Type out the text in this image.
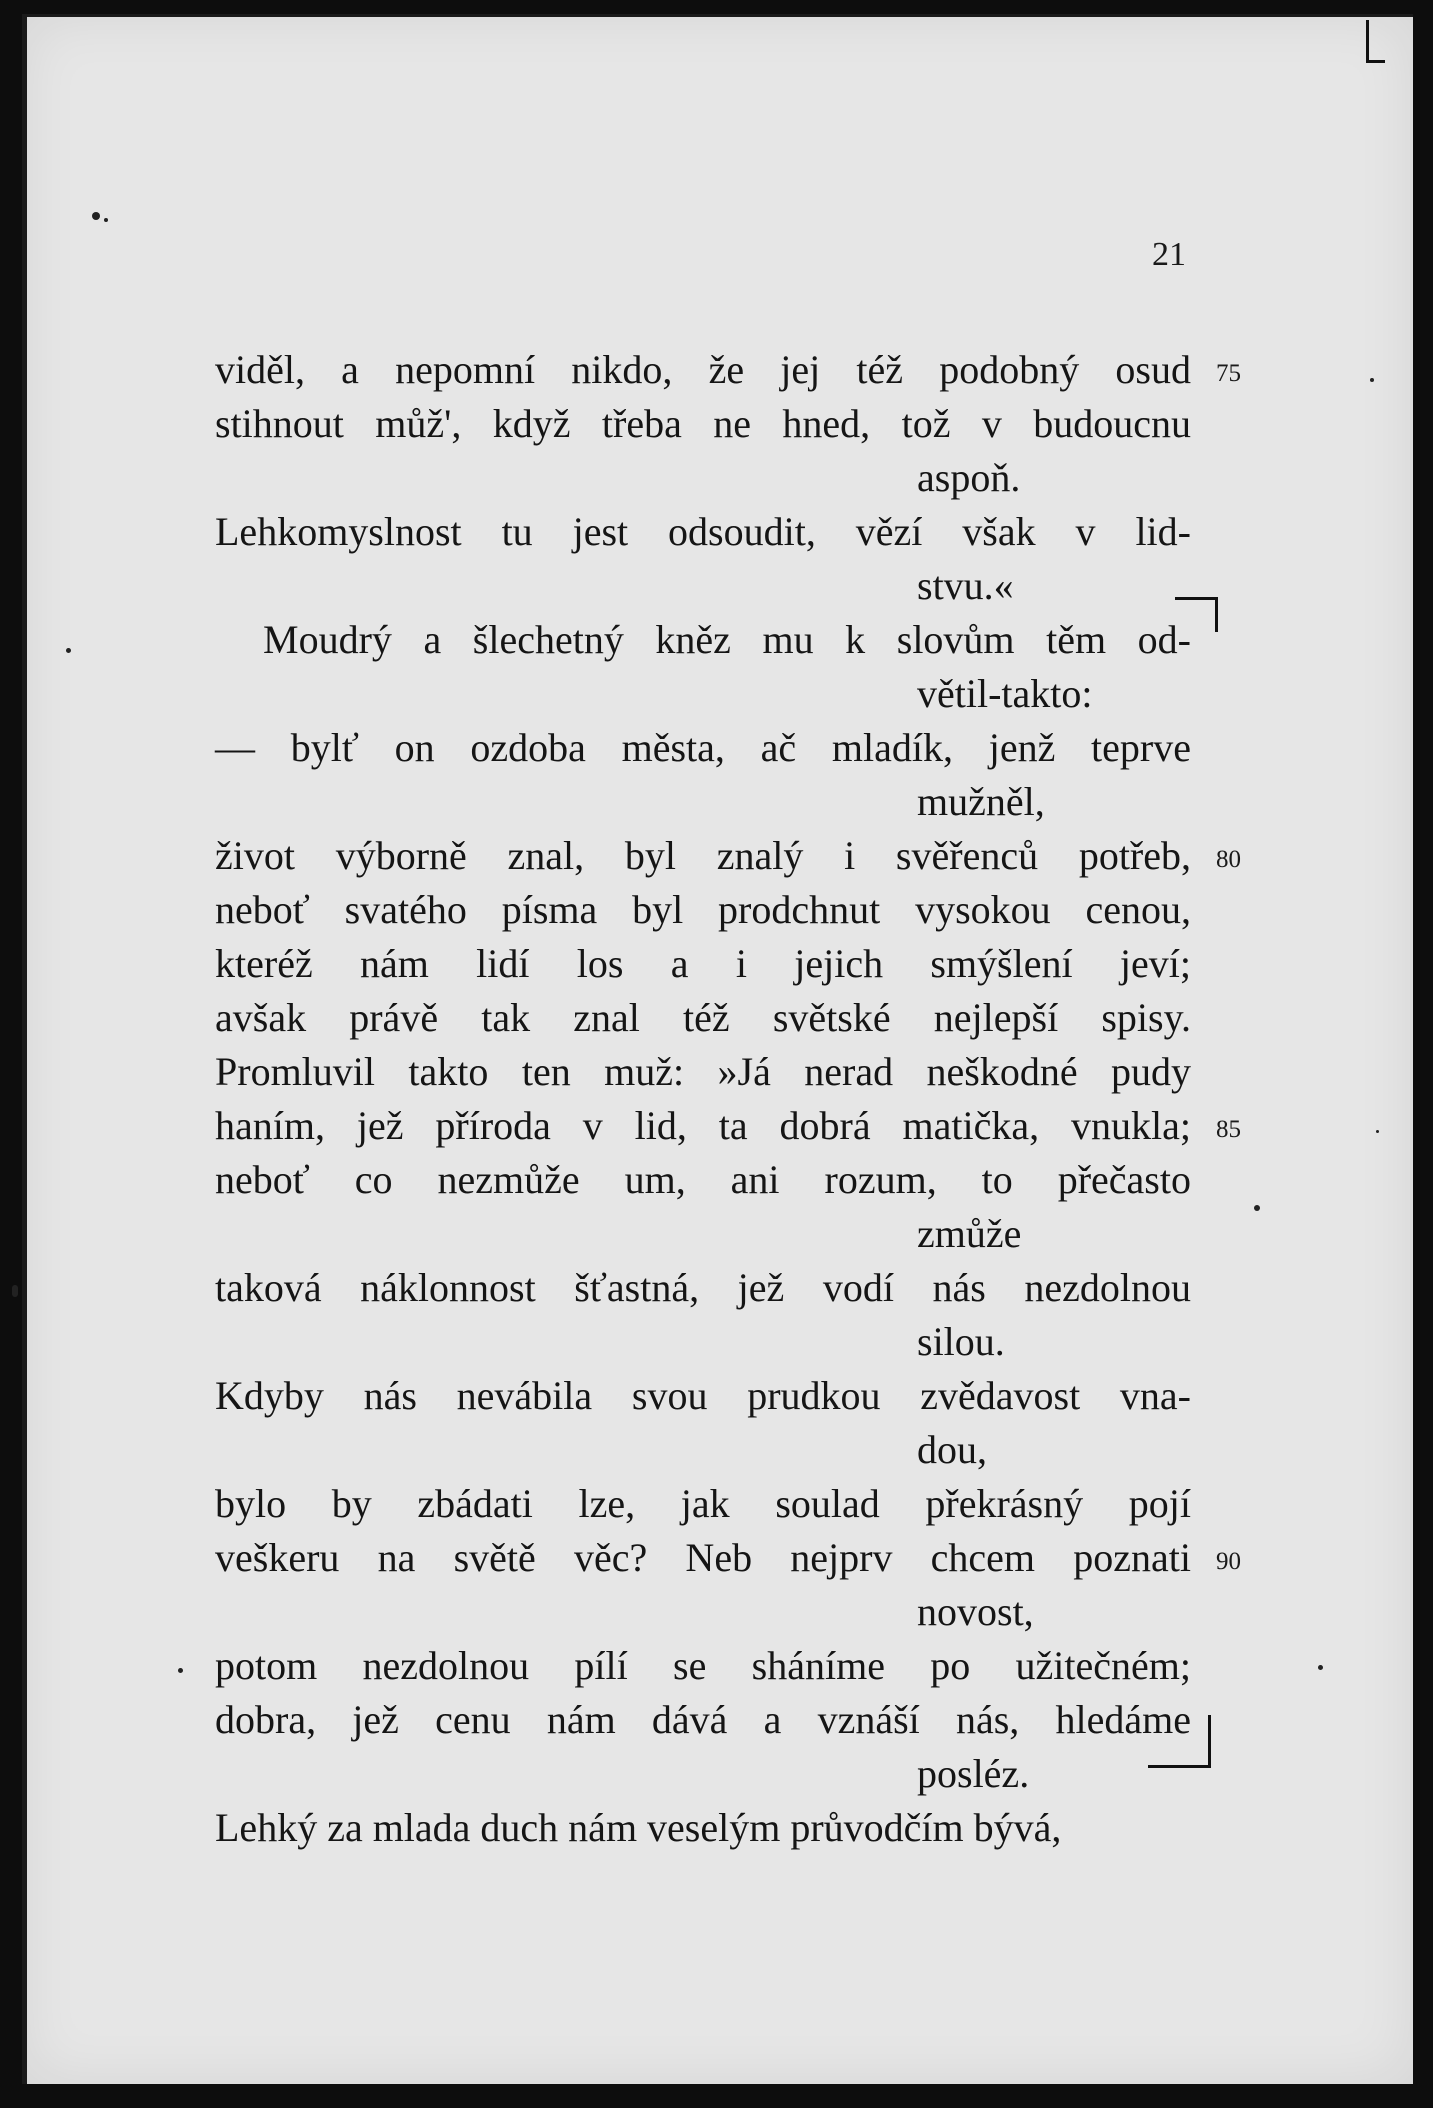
21
viděl, a nepomní nikdo, že jej též podobný osud
stihnout můž', když třeba ne hned, tož v budoucnu
aspoň.
Lehkomyslnost tu jest odsoudit, vězí však v lid-
stvu.«
Moudrý a šlechetný kněz mu k slovům těm od-
větil-takto:
— bylť on ozdoba města, ač mladík, jenž teprve
mužněl,
život výborně znal, byl znalý i svěřenců potřeb,
neboť svatého písma byl prodchnut vysokou cenou,
kteréž nám lidí los a i jejich smýšlení jeví;
avšak právě tak znal též světské nejlepší spisy.
Promluvil takto ten muž: »Já nerad neškodné pudy
haním, jež příroda v lid, ta dobrá matička, vnukla;
neboť co nezmůže um, ani rozum, to přečasto
zmůže
taková náklonnost šťastná, jež vodí nás nezdolnou
silou.
Kdyby nás nevábila svou prudkou zvědavost vna-
dou,
bylo by zbádati lze, jak soulad překrásný pojí
veškeru na světě věc? Neb nejprv chcem poznati
novost,
potom nezdolnou pílí se sháníme po užitečném;
dobra, jež cenu nám dává a vznáší nás, hledáme
posléz.
Lehký za mlada duch nám veselým průvodčím bývá,
75
80
85
90
